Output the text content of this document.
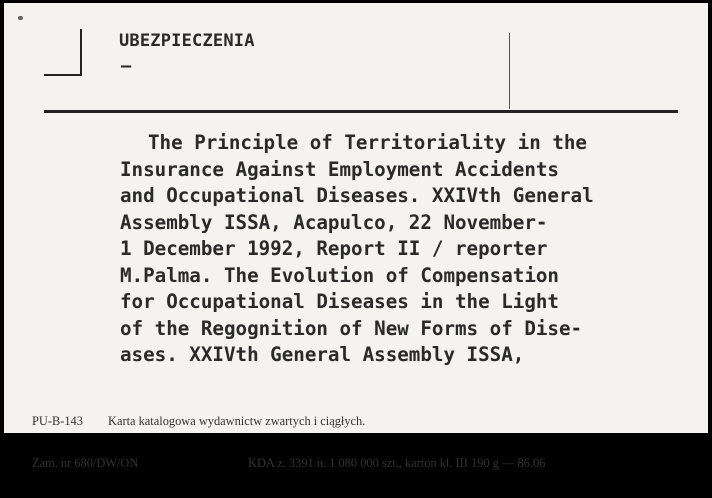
UBEZPIECZENIA
–
The Principle of Territoriality in the
Insurance Against Employment Accidents
and Occupational Diseases. XXIVth General
Assembly ISSA, Acapulco, 22 November-
1 December 1992, Report II / reporter
M.Palma. The Evolution of Compensation
for Occupational Diseases in the Light
of the Regognition of New Forms of Dise-
ases. XXIVth General Assembly ISSA,

PU-B-143 Karta katalogowa wydawnictw zwartych i ciągłych.

Zam. nr 680/DW/ON	KDA z. 3391 n. 1 080 000 szt., karton kl. III 190 g — 86.06
